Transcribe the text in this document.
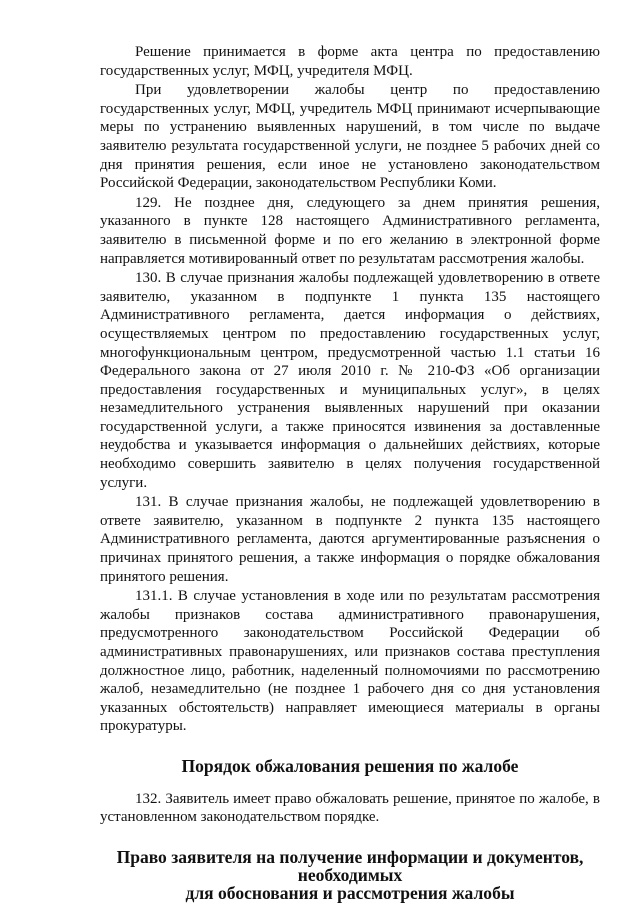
Решение принимается в форме акта центра по предоставлению государственных услуг, МФЦ, учредителя МФЦ.

При удовлетворении жалобы центр по предоставлению государственных услуг, МФЦ, учредитель МФЦ принимают исчерпывающие меры по устранению выявленных нарушений, в том числе по выдаче заявителю результата государственной услуги, не позднее 5 рабочих дней со дня принятия решения, если иное не установлено законодательством Российской Федерации, законодательством Республики Коми.

129. Не позднее дня, следующего за днем принятия решения, указанного в пункте 128 настоящего Административного регламента, заявителю в письменной форме и по его желанию в электронной форме направляется мотивированный ответ по результатам рассмотрения жалобы.

130. В случае признания жалобы подлежащей удовлетворению в ответе заявителю, указанном в подпункте 1 пункта 135 настоящего Административного регламента, дается информация о действиях, осуществляемых центром по предоставлению государственных услуг, многофункциональным центром, предусмотренной частью 1.1 статьи 16 Федерального закона от 27 июля 2010 г. № 210-ФЗ «Об организации предоставления государственных и муниципальных услуг», в целях незамедлительного устранения выявленных нарушений при оказании государственной услуги, а также приносятся извинения за доставленные неудобства и указывается информация о дальнейших действиях, которые необходимо совершить заявителю в целях получения государственной услуги.

131. В случае признания жалобы, не подлежащей удовлетворению в ответе заявителю, указанном в подпункте 2 пункта 135 настоящего Административного регламента, даются аргументированные разъяснения о причинах принятого решения, а также информация о порядке обжалования принятого решения.

131.1. В случае установления в ходе или по результатам рассмотрения жалобы признаков состава административного правонарушения, предусмотренного законодательством Российской Федерации об административных правонарушениях, или признаков состава преступления должностное лицо, работник, наделенный полномочиями по рассмотрению жалоб, незамедлительно (не позднее 1 рабочего дня со дня установления указанных обстоятельств) направляет имеющиеся материалы в органы прокуратуры.

Порядок обжалования решения по жалобе

132. Заявитель имеет право обжаловать решение, принятое по жалобе, в установленном законодательством порядке.

Право заявителя на получение информации и документов, необходимых
для обоснования и рассмотрения жалобы
